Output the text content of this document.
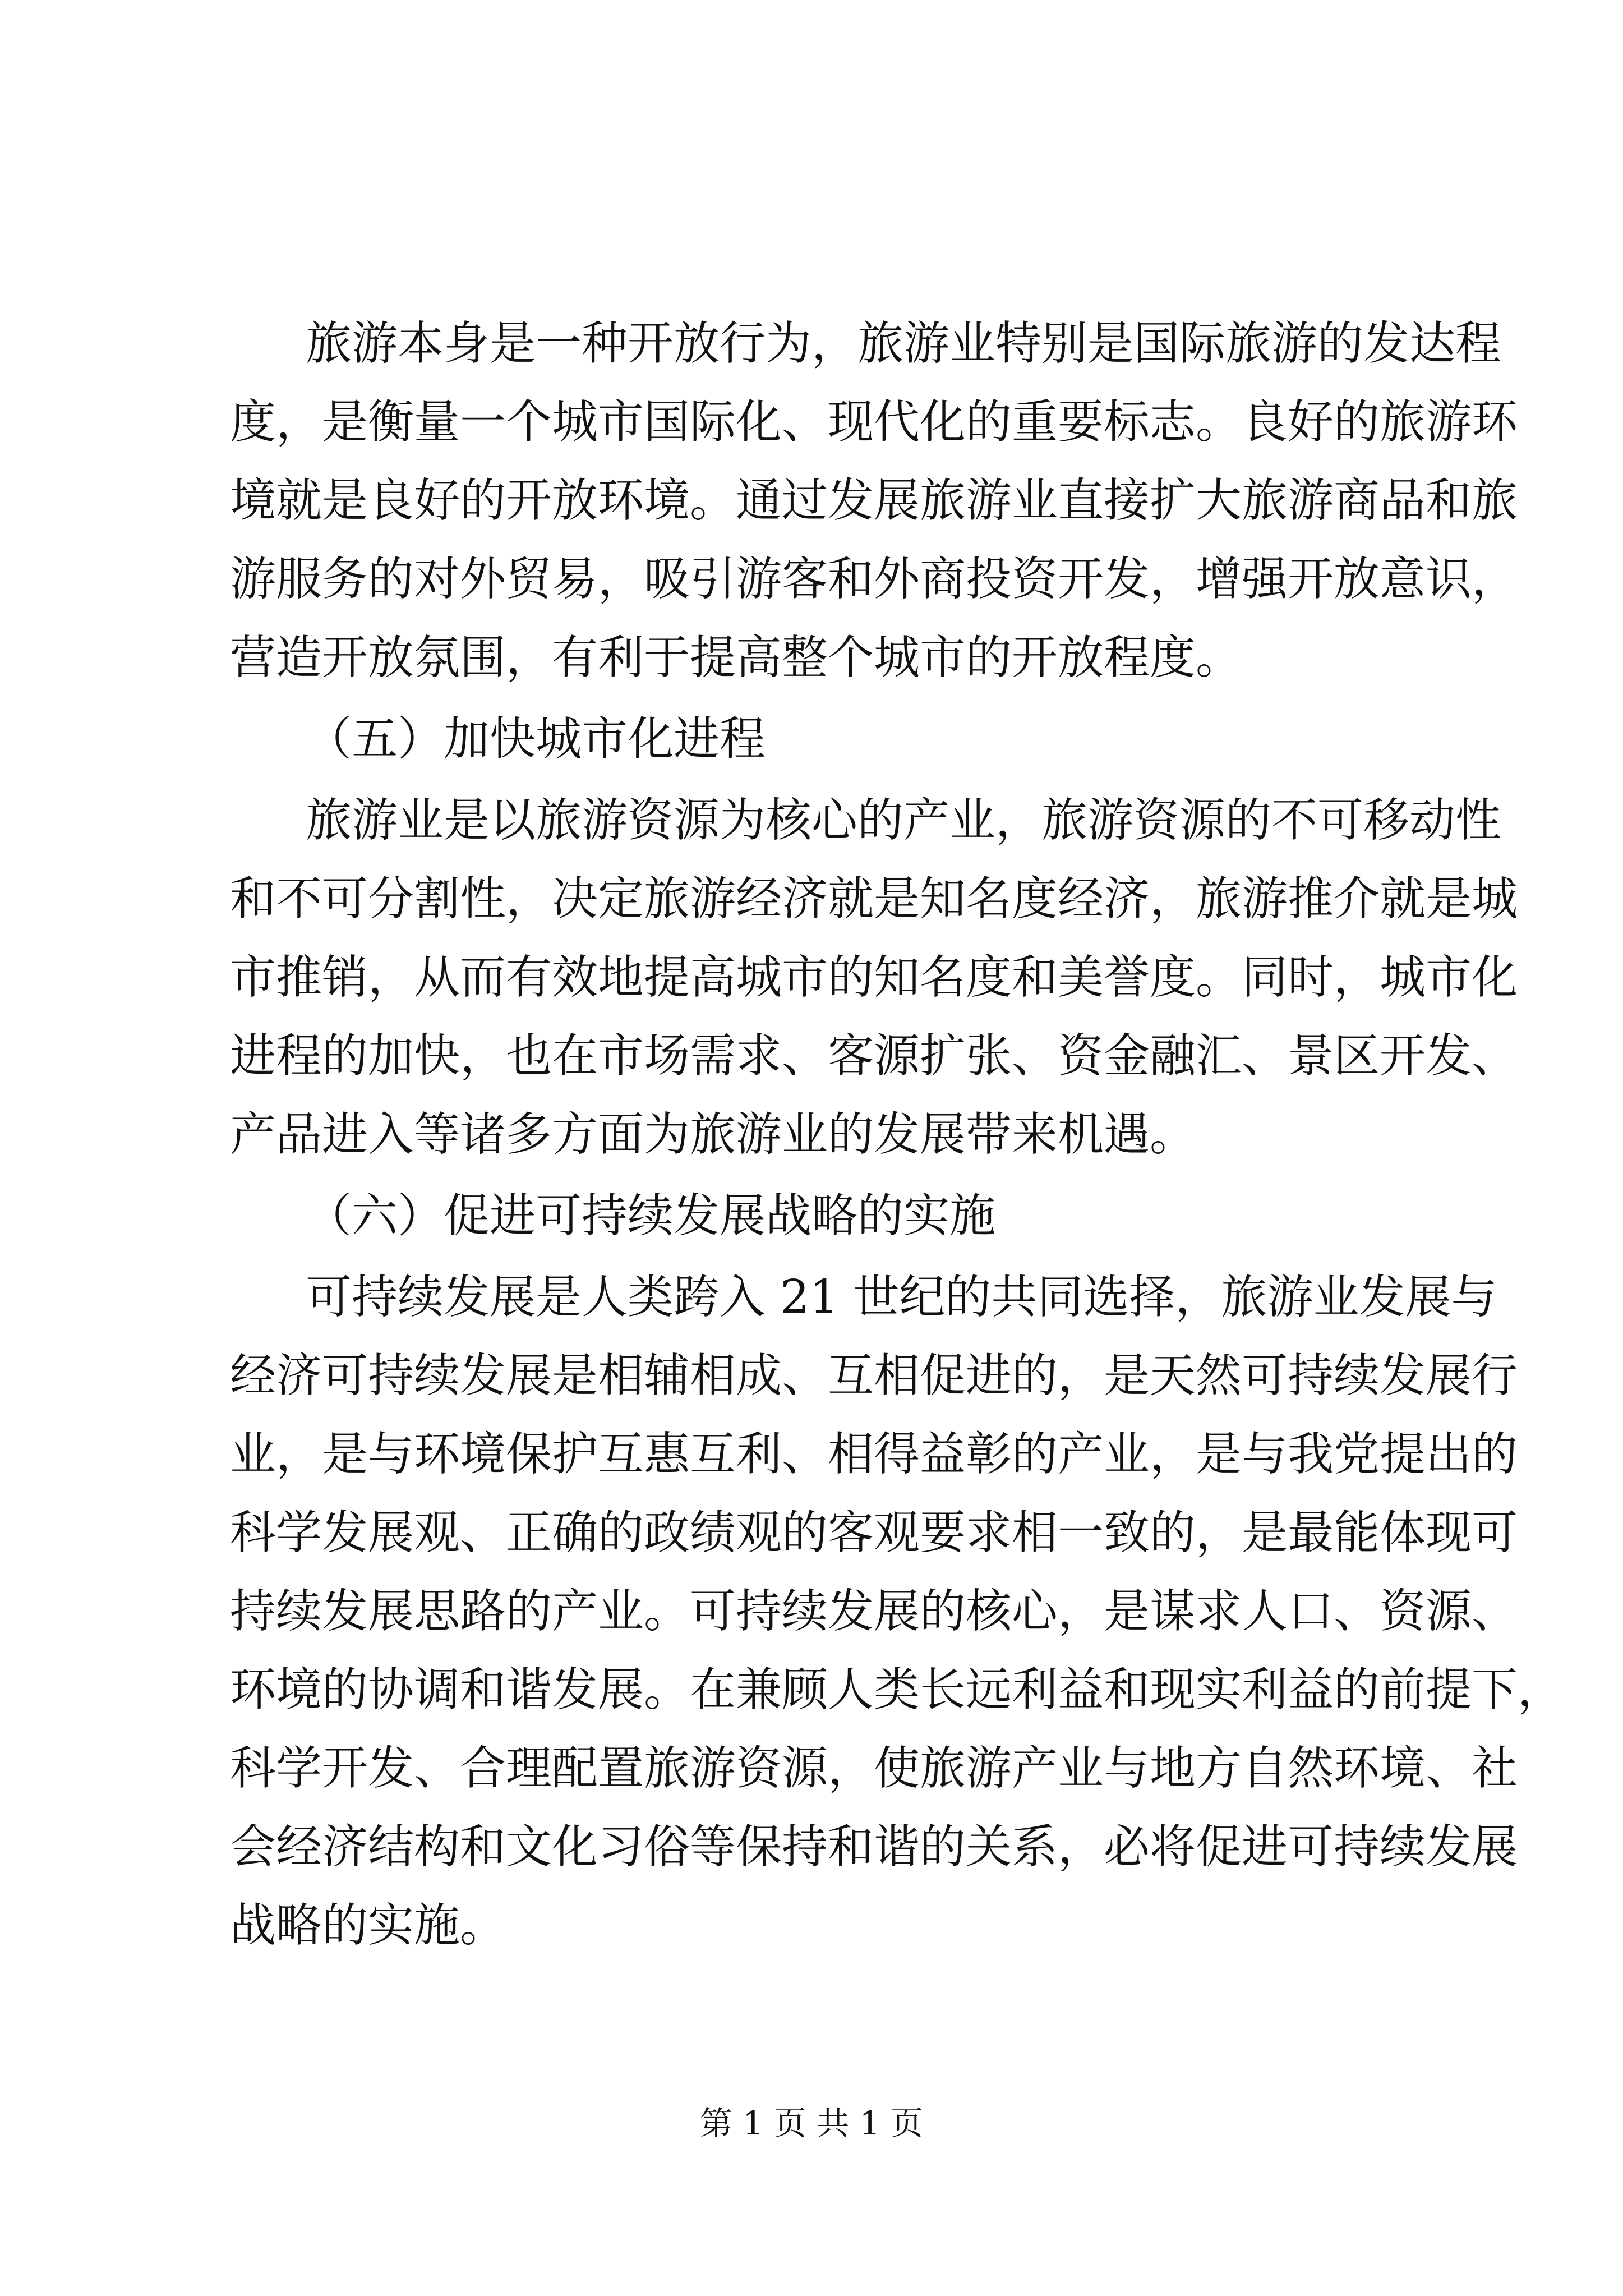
旅游本身是一种开放行为，旅游业特别是国际旅游的发达程
度，是衡量一个城市国际化、现代化的重要标志。良好的旅游环
境就是良好的开放环境。通过发展旅游业直接扩大旅游商品和旅
游服务的对外贸易，吸引游客和外商投资开发，增强开放意识，
营造开放氛围，有利于提高整个城市的开放程度。
（五）加快城市化进程
旅游业是以旅游资源为核心的产业，旅游资源的不可移动性
和不可分割性，决定旅游经济就是知名度经济，旅游推介就是城
市推销，从而有效地提高城市的知名度和美誉度。同时，城市化
进程的加快，也在市场需求、客源扩张、资金融汇、景区开发、
产品进入等诸多方面为旅游业的发展带来机遇。
（六）促进可持续发展战略的实施
可持续发展是人类跨入 21 世纪的共同选择，旅游业发展与
经济可持续发展是相辅相成、互相促进的，是天然可持续发展行
业，是与环境保护互惠互利、相得益彰的产业，是与我党提出的
科学发展观、正确的政绩观的客观要求相一致的，是最能体现可
持续发展思路的产业。可持续发展的核心，是谋求人口、资源、
环境的协调和谐发展。在兼顾人类长远利益和现实利益的前提下，
科学开发、合理配置旅游资源，使旅游产业与地方自然环境、社
会经济结构和文化习俗等保持和谐的关系，必将促进可持续发展
战略的实施。
第 1 页 共 1 页
